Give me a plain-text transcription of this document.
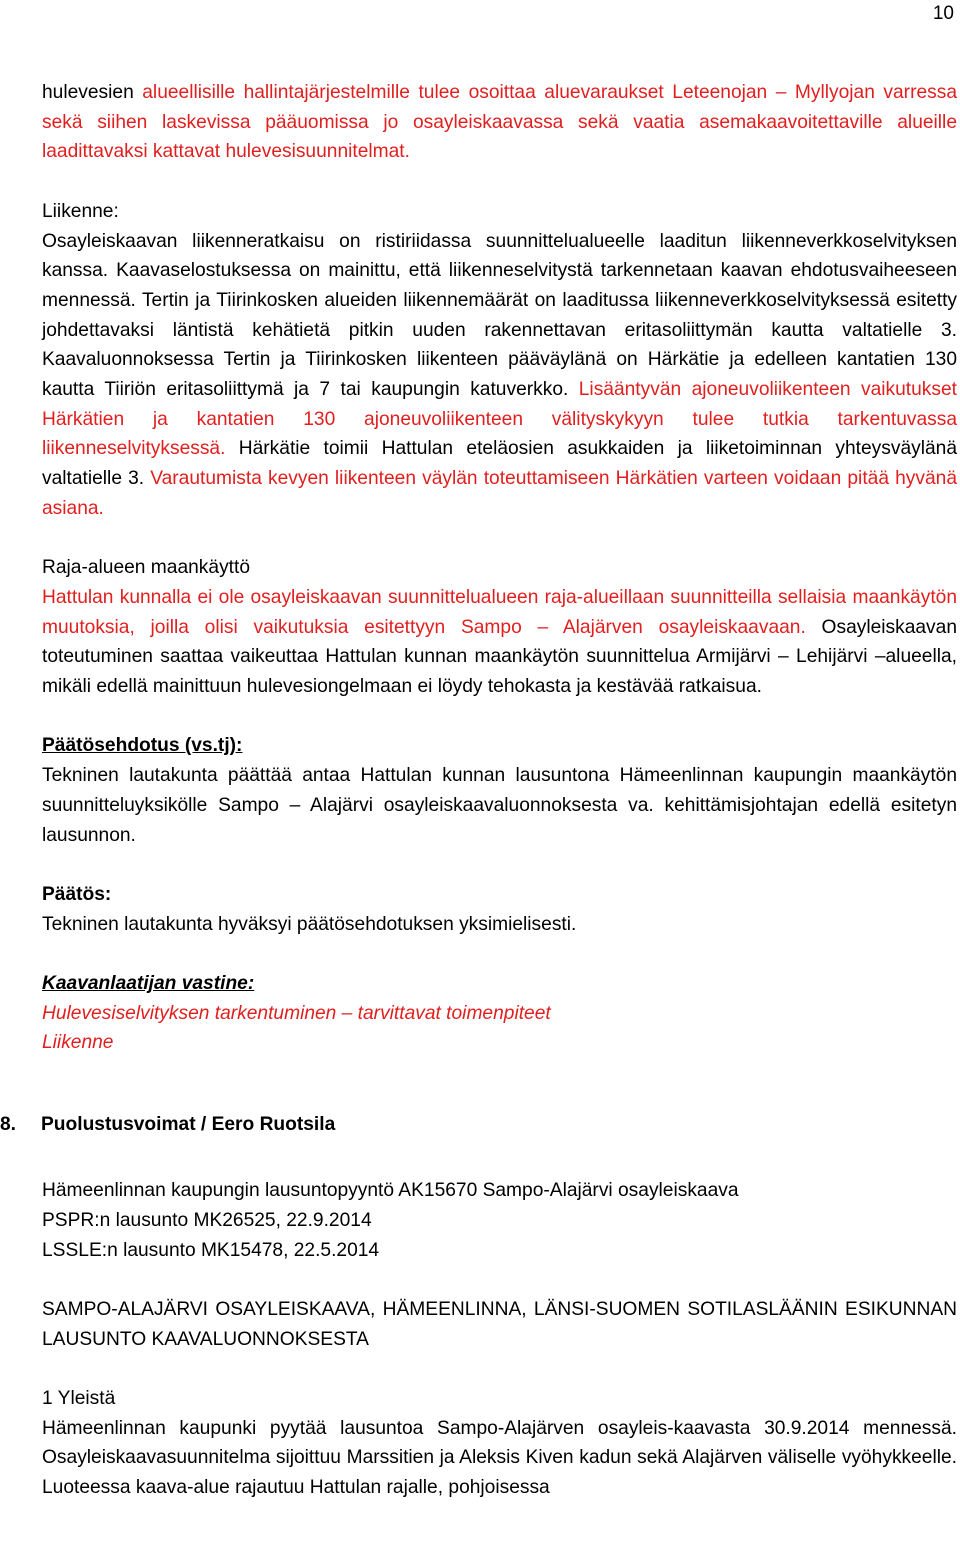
10

hulevesien alueellisille hallintajärjestelmille tulee osoittaa aluevaraukset Leteenojan – Myllyojan varressa sekä siihen laskevissa pääuomissa jo osayleiskaavassa sekä vaatia asemakaavoitettaville alueille laadittavaksi kattavat hulevesisuunnitelmat.

Liikenne:

Osayleiskaavan liikenneratkaisu on ristiriidassa suunnittelualueelle laaditun liikenneverkkoselvityksen kanssa. Kaavaselostuksessa on mainittu, että liikenneselvitystä tarkennetaan kaavan ehdotusvaiheeseen mennessä. Tertin ja Tiirinkosken alueiden liikennemäärät on laaditussa liikenneverkkoselvityksessä esitetty johdettavaksi läntistä kehätietä pitkin uuden rakennettavan eritasoliittymän kautta valtatielle 3. Kaavaluonnoksessa Tertin ja Tiirinkosken liikenteen pääväylänä on Härkätie ja edelleen kantatien 130 kautta Tiiriön eritasoliittymä ja 7 tai kaupungin katuverkko. Lisääntyvän ajoneuvoliikenteen vaikutukset Härkätien ja kantatien 130 ajoneuvoliikenteen välityskykyyn tulee tutkia tarkentuvassa liikenneselvityksessä. Härkätie toimii Hattulan eteläosien asukkaiden ja liiketoiminnan yhteysväylänä valtatielle 3. Varautumista kevyen liikenteen väylän toteuttamiseen Härkätien varteen voidaan pitää hyvänä asiana.

Raja-alueen maankäyttö

Hattulan kunnalla ei ole osayleiskaavan suunnittelualueen raja-alueillaan suunnitteilla sellaisia maankäytön muutoksia, joilla olisi vaikutuksia esitettyyn Sampo – Alajärven osayleiskaavaan. Osayleiskaavan toteutuminen saattaa vaikeuttaa Hattulan kunnan maankäytön suunnittelua Armijärvi – Lehijärvi –alueella, mikäli edellä mainittuun hulevesiongelmaan ei löydy tehokasta ja kestävää ratkaisua.

Päätösehdotus (vs.tj):

Tekninen lautakunta päättää antaa Hattulan kunnan lausuntona Hämeenlinnan kaupungin maankäytön suunnitteluyksikölle Sampo – Alajärvi osayleiskaavaluonnoksesta va. kehittämisjohtajan edellä esitetyn lausunnon.

Päätös:

Tekninen lautakunta hyväksyi päätösehdotuksen yksimielisesti.

Kaavanlaatijan vastine:

Hulevesiselvityksen tarkentuminen – tarvittavat toimenpiteet

Liikenne

8. Puolustusvoimat / Eero Ruotsila

Hämeenlinnan kaupungin lausuntopyyntö AK15670 Sampo-Alajärvi osayleiskaava

PSPR:n lausunto MK26525, 22.9.2014

LSSLE:n lausunto MK15478, 22.5.2014

SAMPO-ALAJÄRVI OSAYLEISKAAVA, HÄMEENLINNA, LÄNSI-SUOMEN SOTILASLÄÄNIN ESIKUNNAN LAUSUNTO KAAVALUONNOKSESTA

1 Yleistä

Hämeenlinnan kaupunki pyytää lausuntoa Sampo-Alajärven osayleis-kaavasta 30.9.2014 mennessä. Osayleiskaavasuunnitelma sijoittuu Marssitien ja Aleksis Kiven kadun sekä Alajärven väliselle vyöhykkeelle. Luoteessa kaava-alue rajautuu Hattulan rajalle, pohjoisessa
